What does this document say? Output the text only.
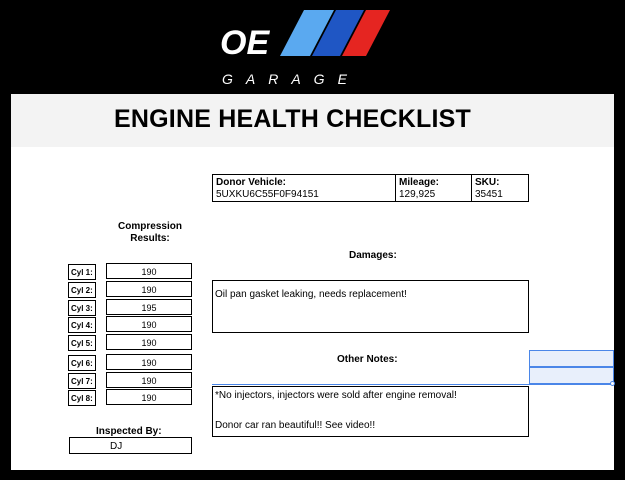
OE
GARAGE
ENGINE HEALTH CHECKLIST
Donor Vehicle:
5UXKU6C55F0F94151
Mileage:
129,925
SKU:
35451
Compression Results:
Cyl 1:	190
Cyl 2:	190
Cyl 3:	195
Cyl 4:	190
Cyl 5:	190
Cyl 6:	190
Cyl 7:	190
Cyl 8:	190
Damages:
Oil pan gasket leaking, needs replacement!
Other Notes:
*No injectors, injectors were sold after engine removal!
Donor car ran beautiful!! See video!!
Inspected By:
DJ
